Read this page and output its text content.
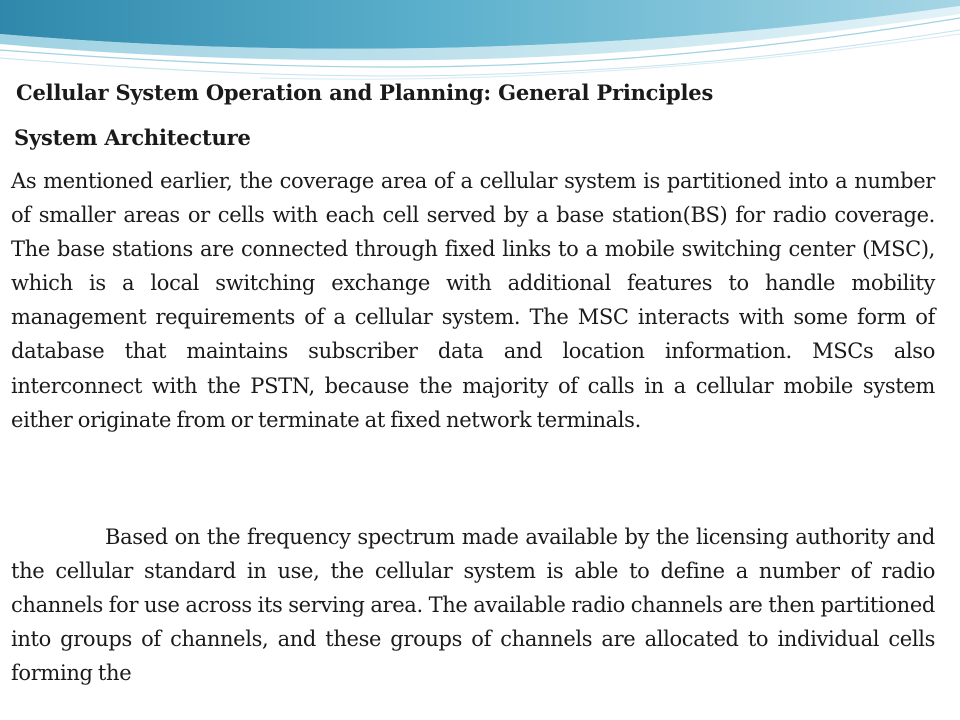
Cellular System Operation and Planning: General Principles
System Architecture

As mentioned earlier, the coverage area of a cellular system is partitioned into a number of smaller areas or cells with each cell served by a base station(BS) for radio coverage. The base stations are connected through fixed links to a mobile switching center (MSC), which is a local switching exchange with additional features to handle mobility management requirements of a cellular system. The MSC interacts with some form of database that maintains subscriber data and location information. MSCs also interconnect with the PSTN, because the majority of calls in a cellular mobile system either originate from or terminate at fixed network terminals.

Based on the frequency spectrum made available by the licensing authority and the cellular standard in use, the cellular system is able to define a number of radio channels for use across its serving area. The available radio channels are then partitioned into groups of channels, and these groups of channels are allocated to individual cells forming the
